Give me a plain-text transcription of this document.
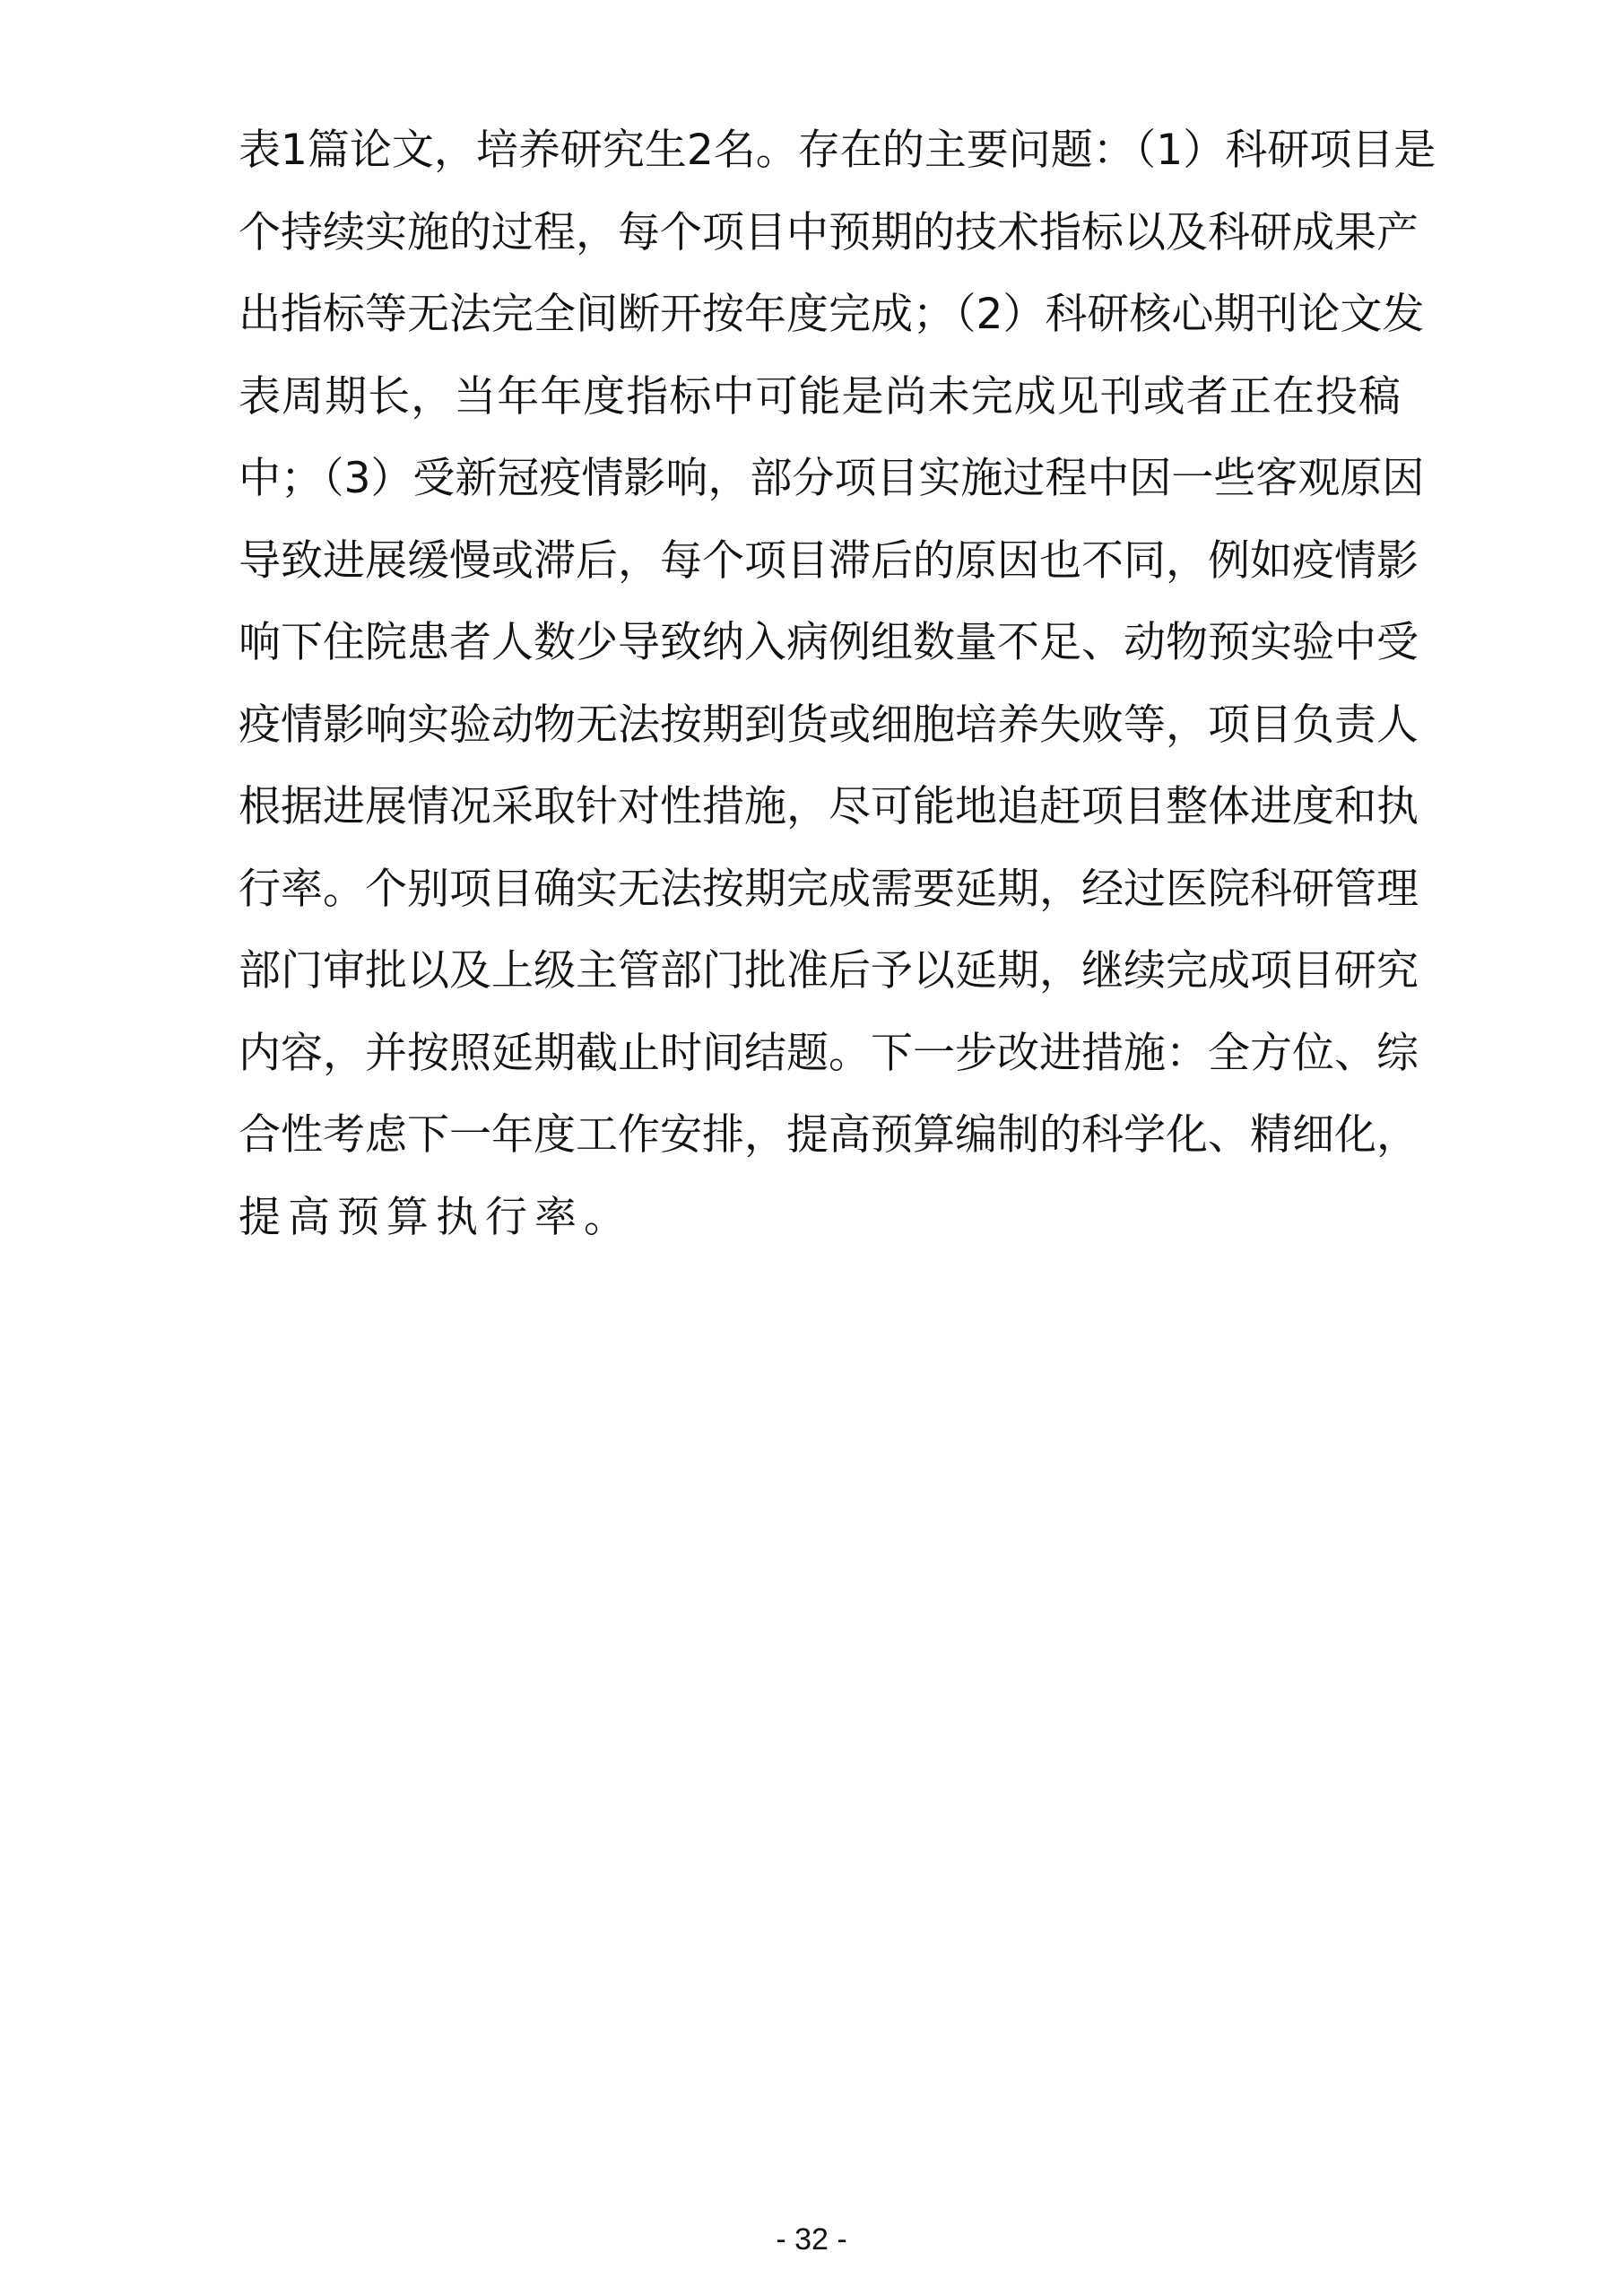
表1篇论文，培养研究生2名。存在的主要问题：（1）科研项目是
个持续实施的过程，每个项目中预期的技术指标以及科研成果产
出指标等无法完全间断开按年度完成；（2）科研核心期刊论文发
表周期长，当年年度指标中可能是尚未完成见刊或者正在投稿
中；（3）受新冠疫情影响，部分项目实施过程中因一些客观原因
导致进展缓慢或滞后，每个项目滞后的原因也不同，例如疫情影
响下住院患者人数少导致纳入病例组数量不足、动物预实验中受
疫情影响实验动物无法按期到货或细胞培养失败等，项目负责人
根据进展情况采取针对性措施，尽可能地追赶项目整体进度和执
行率。个别项目确实无法按期完成需要延期，经过医院科研管理
部门审批以及上级主管部门批准后予以延期，继续完成项目研究
内容，并按照延期截止时间结题。下一步改进措施：全方位、综
合性考虑下一年度工作安排，提高预算编制的科学化、精细化，
提高预算执行率。
- 32 -
